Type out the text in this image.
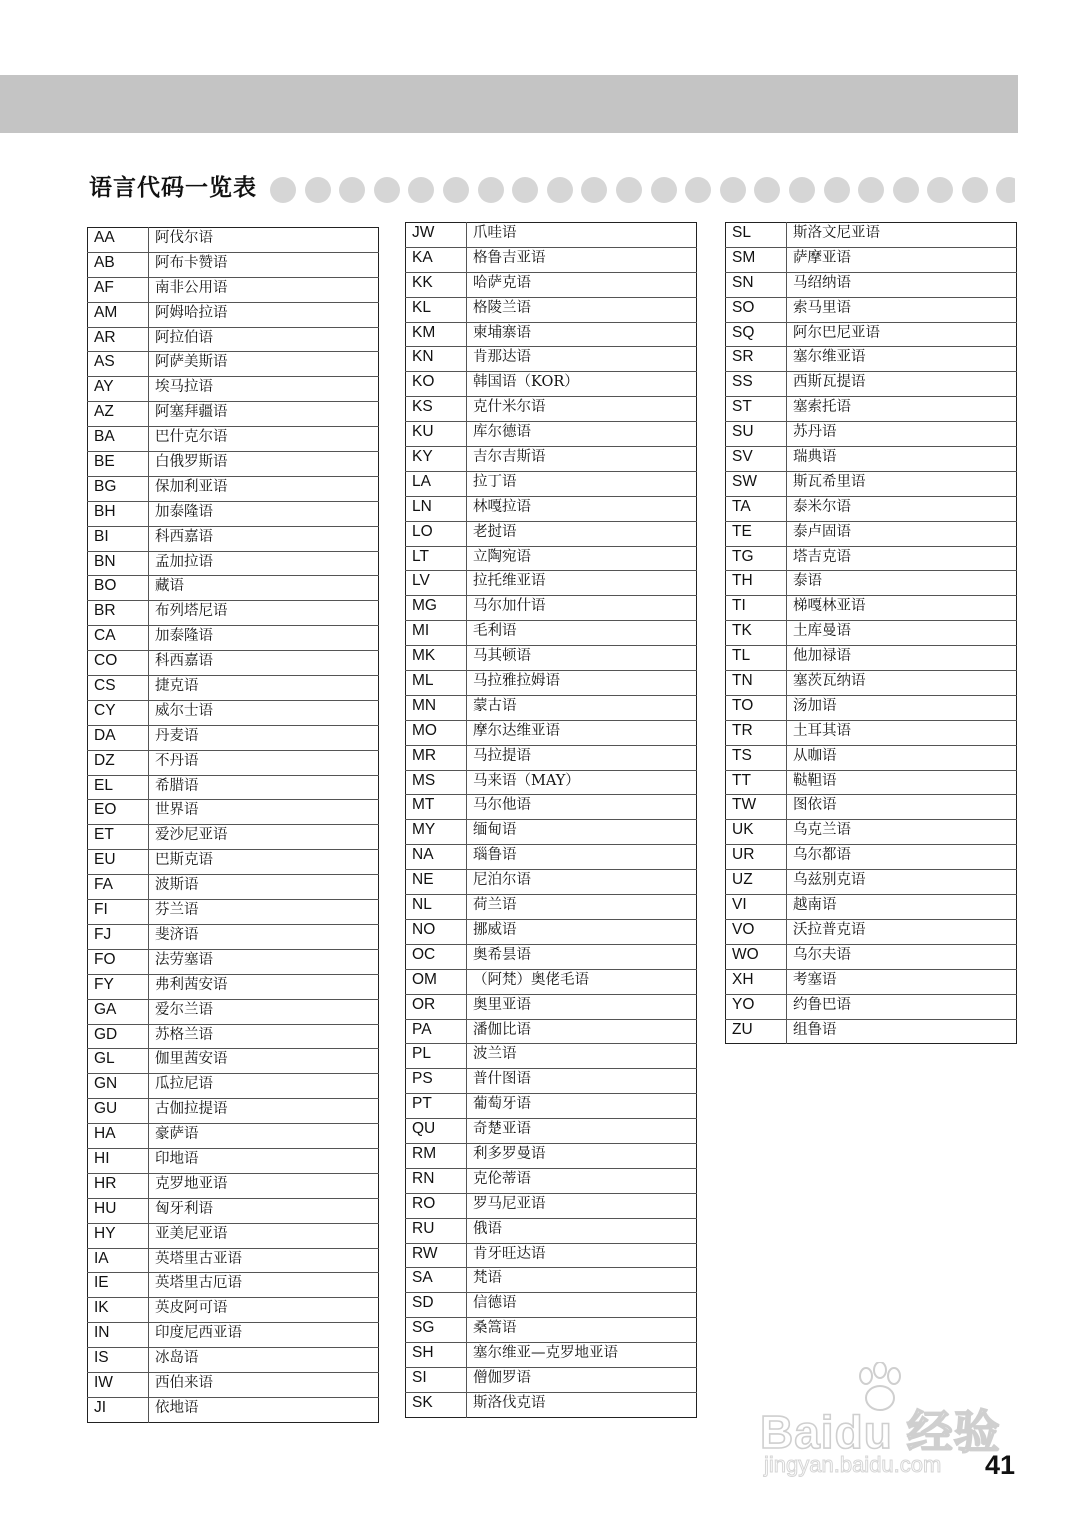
语言代码一览表
AA	阿伐尔语
AB	阿布卡赞语
AF	南非公用语
AM	阿姆哈拉语
AR	阿拉伯语
AS	阿萨美斯语
AY	埃马拉语
AZ	阿塞拜疆语
BA	巴什克尔语
BE	白俄罗斯语
BG	保加利亚语
BH	加泰隆语
BI	科西嘉语
BN	孟加拉语
BO	藏语
BR	布列塔尼语
CA	加泰隆语
CO	科西嘉语
CS	捷克语
CY	威尔士语
DA	丹麦语
DZ	不丹语
EL	希腊语
EO	世界语
ET	爱沙尼亚语
EU	巴斯克语
FA	波斯语
FI	芬兰语
FJ	斐济语
FO	法劳塞语
FY	弗利茜安语
GA	爱尔兰语
GD	苏格兰语
GL	伽里茜安语
GN	瓜拉尼语
GU	古伽拉提语
HA	豪萨语
HI	印地语
HR	克罗地亚语
HU	匈牙利语
HY	亚美尼亚语
IA	英塔里古亚语
IE	英塔里古厄语
IK	英皮阿可语
IN	印度尼西亚语
IS	冰岛语
IW	西伯来语
JI	依地语
JW	爪哇语
KA	格鲁吉亚语
KK	哈萨克语
KL	格陵兰语
KM	柬埔寨语
KN	肯那达语
KO	韩国语（KOR）
KS	克什米尔语
KU	库尔德语
KY	吉尔吉斯语
LA	拉丁语
LN	林嘎拉语
LO	老挝语
LT	立陶宛语
LV	拉托维亚语
MG	马尔加什语
MI	毛利语
MK	马其顿语
ML	马拉雅拉姆语
MN	蒙古语
MO	摩尔达维亚语
MR	马拉提语
MS	马来语（MAY）
MT	马尔他语
MY	缅甸语
NA	瑙鲁语
NE	尼泊尔语
NL	荷兰语
NO	挪威语
OC	奥希昙语
OM	（阿梵）奥佬毛语
OR	奥里亚语
PA	潘伽比语
PL	波兰语
PS	普什图语
PT	葡萄牙语
QU	奇楚亚语
RM	利多罗曼语
RN	克伦蒂语
RO	罗马尼亚语
RU	俄语
RW	肯牙旺达语
SA	梵语
SD	信德语
SG	桑篙语
SH	塞尔维亚—克罗地亚语
SI	僧伽罗语
SK	斯洛伐克语
SL	斯洛文尼亚语
SM	萨摩亚语
SN	马绍纳语
SO	索马里语
SQ	阿尔巴尼亚语
SR	塞尔维亚语
SS	西斯瓦提语
ST	塞索托语
SU	苏丹语
SV	瑞典语
SW	斯瓦希里语
TA	泰米尔语
TE	泰卢固语
TG	塔吉克语
TH	泰语
TI	梯嘎林亚语
TK	土库曼语
TL	他加禄语
TN	塞茨瓦纳语
TO	汤加语
TR	土耳其语
TS	从咖语
TT	鞑靼语
TW	图依语
UK	乌克兰语
UR	乌尔都语
UZ	乌兹别克语
VI	越南语
VO	沃拉普克语
WO	乌尔夫语
XH	考塞语
YO	约鲁巴语
ZU	组鲁语
Baidu 经验
jingyan.baidu.com 41
